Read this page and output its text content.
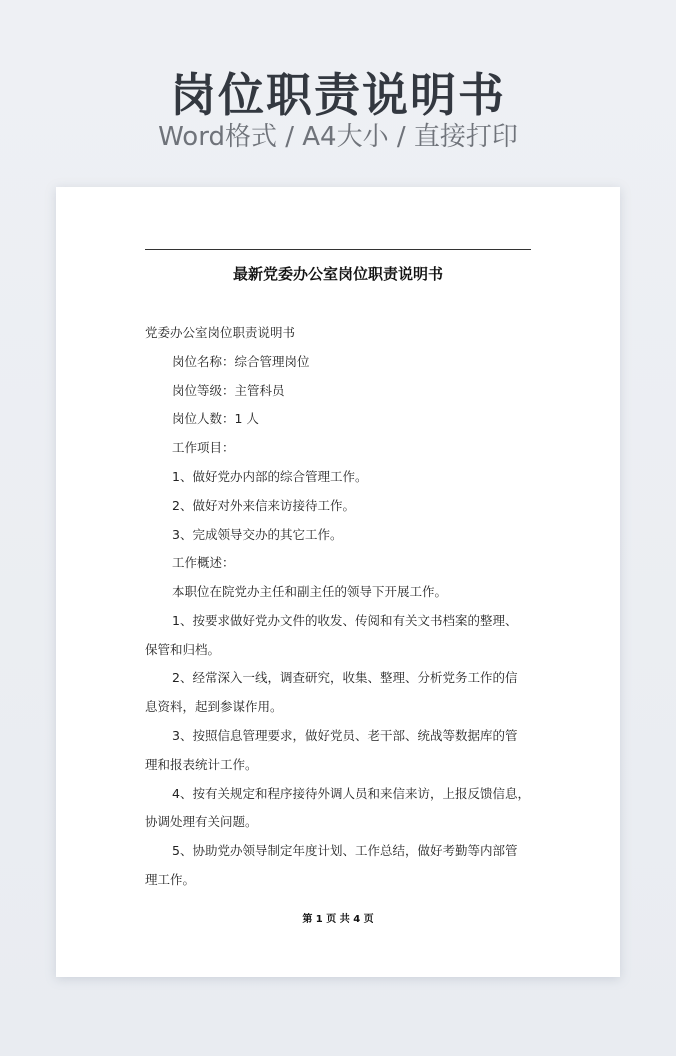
岗位职责说明书
Word格式 / A4大小 / 直接打印
最新党委办公室岗位职责说明书
党委办公室岗位职责说明书
岗位名称：综合管理岗位
岗位等级：主管科员
岗位人数：1 人
工作项目：
1、做好党办内部的综合管理工作。
2、做好对外来信来访接待工作。
3、完成领导交办的其它工作。
工作概述：
本职位在院党办主任和副主任的领导下开展工作。
1、按要求做好党办文件的收发、传阅和有关文书档案的整理、
保管和归档。
2、经常深入一线，调查研究，收集、整理、分析党务工作的信
息资料，起到参谋作用。
3、按照信息管理要求，做好党员、老干部、统战等数据库的管
理和报表统计工作。
4、按有关规定和程序接待外调人员和来信来访，上报反馈信息，
协调处理有关问题。
5、协助党办领导制定年度计划、工作总结，做好考勤等内部管
理工作。
第 1 页 共 4 页
